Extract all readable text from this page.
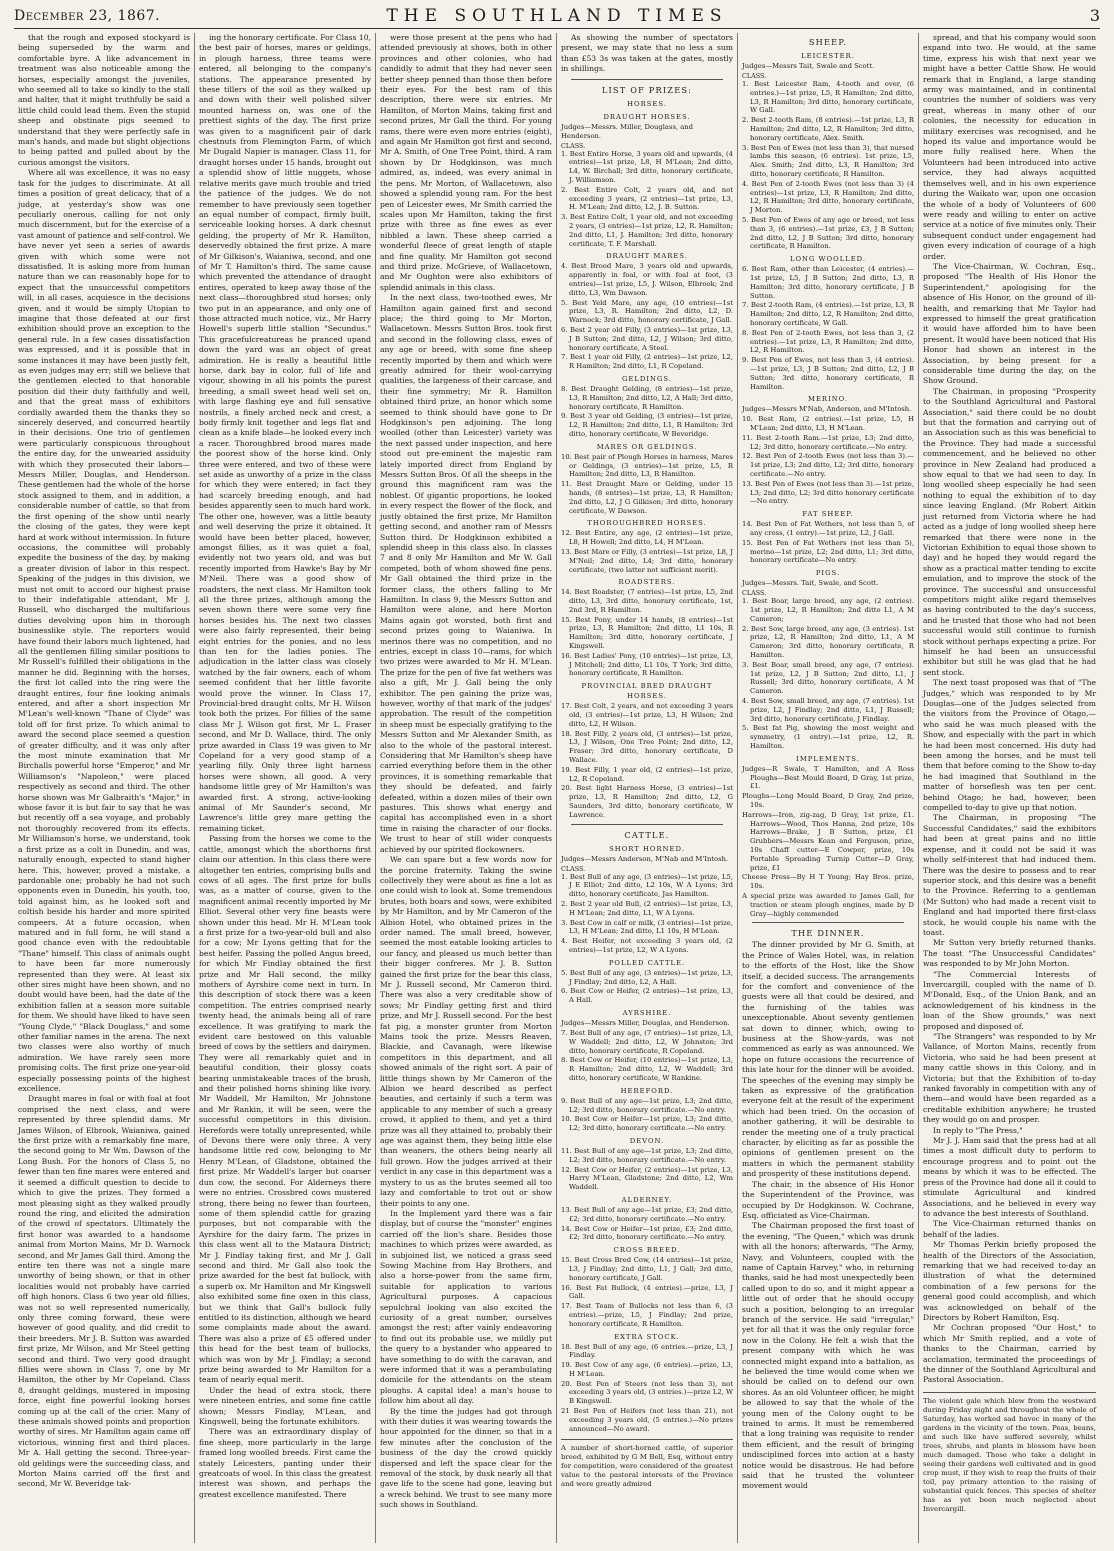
December 23, 1867.	THE SOUTHLAND TIMES	3

that the rough and exposed stockyard is being superseded by the warm and comfortable byre. A like advancement in treatment was also noticeable among the horses, especially amongst the juveniles, who seemed all to take so kindly to the stall and halter, that it might truthfully be said a little child could lead them. Even the stupid sheep and obstinate pigs seemed to understand that they were perfectly safe in man's hands, and made but slight objections to being patted and pulled about by the curious amongst the visitors.

Where all was excellence, it was no easy task for the judges to discriminate. At all times a position of great delicacy, that of a judge, at yesterday's show was one peculiarly onerous, calling for not only much discernment, but for the exercise of a vast amount of patience and self-control. We have never yet seen a series of awards given with which some were not dissatisfied. It is asking more from human nature than we can reasonably hope for to expect that the unsuccessful competitors will, in all cases, acquiesce in the decisions given, and it would be simply Utopian to imagine that those defeated at our first exhibition should prove an exception to the general rule. In a few cases dissatisfaction was expressed, and it is possible that in some instances it may have been justly felt, as even judges may err; still we believe that the gentlemen elected to that honorable position did their duty faithfully and well, and that the great mass of exhibitors cordially awarded them the thanks they so sincerely deserved, and concurred heartily in their decisions. One trio of gentlemen were particularly conspicuous throughout the entire day, for the unwearied assiduity with which they prosecuted their labors—Messrs Miller, Douglas, and Henderson. These gentlemen had the whole of the horse stock assigned to them, and in addition, a considerable number of cattle, so that from the first opening of the show until nearly the closing of the gates, they were kept hard at work without intermission. In future occasions, the committee will probably expedite the business of the day, by making a greater division of labor in this respect. Speaking of the judges in this division, we must not omit to accord our highest praise to their indefatigable attendant, Mr J. Russell, who discharged the multifarious duties devolving upon him in thorough businesslike style. The reporters would have found their labors much lightened, had all the gentlemen filling similar positions to Mr Russell's fulfilled their obligations in the manner he did. Beginning with the horses, the first lot called into the ring were the draught entires, four fine looking animals entered, and after a short inspection Mr M'Lean's well-known "Thane of Clyde" was told off for first prize. To which animal to award the second place seemed a question of greater difficulty, and it was only after the most minute examination that Mr Birchalls powerful horse "Emperor," and Mr Williamson's "Napoleon," were placed respectively as second and third. The other horse shown was Mr Galbraith's "Major," in whose favor it is but fair to say that he was but recently off a sea voyage, and probably not thoroughly recovered from its effects. Mr Williamson's horse, we understand, took a first prize as a colt in Dunedin, and was, naturally enough, expected to stand higher here. This, however, proved a mistake, a pardonable one; probably he had not such opponents even in Dunedin, his youth, too, told against him, as he looked soft and coltish beside his harder and more spirited compeers. At a future occasion, when matured and in full form, he will stand a good chance even with the redoubtable "Thane" himself. This class of animals ought to have been far more numerously represented than they were. At least six other sires might have been shown, and no doubt would have been, had the date of the exhibition fallen at a season more suitable for them. We should have liked to have seen "Young Clyde," "Black Douglass," and some other familiar names in the arena. The next two classes were also worthy of much admiration. We have rarely seen more promising colts. The first prize one-year-old especially possessing points of the highest excellence.

Draught mares in foal or with foal at foot comprised the next class, and were represented by three splendid dams. Mr James Wilson, of Elbrook, Waianiwa, gained the first prize with a remarkably fine mare, the second going to Mr Wm. Dawson of the Long Bush. For the honors of Class 5, no fewer than ten fine mares were entered and it seemed a difficult question to decide to which to give the prizes. They formed a most pleasing sight as they walked proudly round the ring, and elicited the admiration of the crowd of spectators. Ultimately the first honor was awarded to a handsome animal from Morton Mains, Mr D. Warnock second, and Mr James Gall third. Among the entire ten there was not a single mare unworthy of being shown, or that in other localities would not probably have carried off high honors. Class 6 two year old fillies, was not so well represented numerically, only three coming forward, these were however of good quality, and did credit to their breeders. Mr J. B. Sutton was awarded first prize, Mr Wilson, and Mr Steel getting second and third. Two very good draught fillies were shown in Class 7, one by Mr Hamilton, the other by Mr Copeland. Class 8, draught geldings, mustered in imposing force, eight fine powerful looking horses coming up at the call of the crier. Many of these animals showed points and proportion worthy of sires. Mr Hamilton again came off victorious, winning first and third places. Mr A. Hall getting the second. Three-year-old geldings were the succeeding class, and Morton Mains carried off the first and second, Mr W. Beveridge tak-

ing the honorary certificate. For Class 10, the best pair of horses, mares or geldings, in plough harness, three teams were entered, all belonging to the company's stations. The appearance presented by these tillers of the soil as they walked up and down with their well polished silver mounted harness on, was one of the prettiest sights of the day. The first prize was given to a magnificent pair of dark chestnuts from Flemington Farm, of which Mr Dugald Napier is manager. Class 11, for draught horses under 15 hands, brought out a splendid show of little nuggets, whose relative merits gave much trouble and tried the patience of the judges. We do not remember to have previously seen together an equal number of compact, firmly built, serviceable looking horses. A dark chesnut gelding, the property of Mr R. Hamilton, deservedly obtained the first prize. A mare of Mr Gilkison's, Waianiwa, second, and one of Mr T. Hamilton's third. The same cause which prevented the attendance of draught entires, operated to keep away those of the next class—thoroughbred stud horses; only two put in an appearance, and only one of those attracted much notice, viz., Mr Harry Howell's superb little stallion "Secundus." This gracefulcreatureas he pranced upand down the yard was an object of great admiration. He is really a beautiful little horse, dark bay in color, full of life and vigour, showing in all his points the purest breeding, a small sweet head well set on, with large flashing eye and full sensative nostrils, a finely arched neck and crest, a body firmly knit together and legs flat and clean as a knife blade—he looked every inch a racer. Thoroughbred brood mares made the poorest show of the horse kind. Only three were entered, and two of these were set aside as unworthy of a prize in the class for which they were entered; in fact they had scarcely breeding enough, and had besides apparently seen to much hard work. The other one, however, was a little beauty and well deserving the prize it obtained. It would have been better placed, however, amongst fillies, as it was quiet a foal, evidently not two years old, and was but recently imported from Hawke's Bay by Mr M'Neil. There was a good show of roadsters, the next class. Mr Hamilton took all the three prizes, although among the seven shown there were some very fine horses besides his. The next two classes were also fairly represented, their being eight entries for the ponies, and no less than ten for the ladies ponies. The adjudication in the latter class was closely watched by the fair owners, each of whom seemed confident that her little favorite would prove the winner. In Class 17, Provincial-bred draught colts, Mr H. Wilson took both the prizes. For fillies of the same class Mr J. Wilson got first, Mr L. Fraser second, and Mr D. Wallace, third. The only prize awarded in Class 19 was given to Mr Copeland for a very good stamp of a yearling filly. Only three light harness horses were shown, all good. A very handsome little grey of Mr Hamilton's was awarded first. A strong, active-looking animal of Mr Saunder's second, Mr Lawrence's little grey mare getting the remaining ticket.

Passing from the horses we come to the cattle, amongst which the shorthorns first claim our attention. In this class there were altogether ten entries, comprising bulls and cows of all ages. The first prize for bulls was, as a matter of course, given to the magnificent animal recently imported by Mr Elliot. Several other very fine beasts were shown under this head. Mr H. M'Lean took a first prize for a two-year-old bull and also for a cow; Mr Lyons getting that for the best heifer. Passing the polled Angus breed, for which Mr Findlay obtained the first prize and Mr Hall second, the milky mothers of Ayrshire come next in turn. In this description of stock there was a keen competition. The entries comprised nearly twenty head, the animals being all of rare excellence. It was gratifying to mark the evident care bestowed on this valuable breed of cows by the settlers and dairymen. They were all remarkably quiet and in beautiful condition, their glossy coats bearing unmistakeable traces of the brush, and their polished horns shining like ivory. Mr Waddell, Mr Hamilton, Mr Johnstone and Mr Rankin, it will be seen, were the successful competitors in this division. Herefords were totally unrepresented, while of Devons there were only three. A very handsome little red cow, belonging to Mr Henry M'Lean, of Gladstone, obtained the first prize. Mr Waddell's larger but coarser dun cow, the second. For Alderneys there were no entries. Crossbred cows mustered strong, there being no fewer than fourteen, some of them splendid cattle for grazing purposes, but not comparable with the Ayrshire for the dairy farm. The prizes in this class went all to the Mataura District; Mr J. Findlay taking first, and Mr J. Gall second and third. Mr Gall also took the prize awarded for the best fat bullock, with a superb ox. Mr Hamilton and Mr Kingswell also exhibited some fine oxen in this class, but we think that Gall's bullock fully entitled to its distinction, although we heard some complaints made about the award. There was also a prize of £5 offered under this head for the best team of bullocks, which was won by Mr J. Findlay; a second prize being awarded to Mr Hamilton for a team of nearly equal merit.

Under the head of extra stock, there were nineteen entries, and some fine cattle shown; Messrs Findlay, M'Lean, and Kingswell, being the fortunate exhibitors.

There was an extraordinary display of fine sheep, more particularly in the large framed long woolled breeds. First came the stately Leicesters, panting under their greatcoats of wool. In this class the greatest interest was shown, and perhaps the greatest excellence manifested. There

were those present at the pens who had attended previously at shows, both in other provinces and other colonies, who had candidly to admit that they had never seen better sheep penned than those then before their eyes. For the best ram of this description, there were six entries. Mr Hamilton, of Morton Mains, taking first and second prizes, Mr Gall the third. For young rams, there were even more entries (eight), and again Mr Hamilton got first and second, Mr A. Smith, of One Tree Point, third. A ram shown by Dr Hodgkinson, was much admired, as, indeed, was every animal in the pens. Mr Morton, of Wallacetown, also showed a splendid young ram. For the best pen of Leicester ewes, Mr Smith carried the scales upon Mr Hamilton, taking the first prize with three as fine ewes as ever nibbled a lawn. These sheep carried a wonderful fleece of great length of staple and fine quality. Mr Hamilton got second and third prize. McGrieve, of Wallacetown, and Mr Oughton were also exhibitors of splendid animals in this class.

In the next class, two-toothed ewes, Mr Hamilton again gained first and second place; the third going to Mr Morton, Wallacetown. Messrs Sutton Bros. took first and second in the following class, ewes of any age or breed, with some fine sheep recently imported by them and which were greatly admired for their wool-carrying qualities, the largeness of their carcase, and their fine symmetry; Mr R. Hamilton obtained third prize, an honor which some seemed to think should have gone to Dr Hodgkinson's pen adjoining. The long woolled (other than Leicester) variety was the next passed under inspection, and here stood out pre-eminent the majestic ram lately imported direct from England by Messrs Sutton Bros. Of all the sheeps in the ground this magnificent ram was the noblest. Of gigantic proportions, he looked in every respect the flower of the flock, and justly obtained the first prize, Mr Hamilton getting second, and another ram of Messrs Sutton third. Dr Hodgkinson exhibited a splendid sheep in this class also. In classes 7 and 8 only Mr Hamilton and Mr W. Gall competed, both of whom showed fine pens. Mr Gall obtained the third prize in the former class, the others falling to Mr Hamilton. In class 9, the Messrs Sutton and Hamilton were alone, and here Morton Mains again got worsted, both first and second prizes going to Waianiwa. In merinos there was no competition, and no entries, except in class 10—rams, for which two prizes were awarded to Mr H. M'Lean. The prize for the pen of five fat wethers was also a gift, Mr J. Gall being the only exhibitor. The pen gaining the prize was, however, worthy of that mark of the judges' approbation. The result of the competition in sheep must be especially gratifying to the Messrs Sutton and Mr Alexander Smith, as also to the whole of the pastoral interest. Considering that Mr Hamilton's sheep have carried everything before them in the other provinces, it is something remarkable that they should be defeated, and fairly defeated, within a dozen miles of their own pastures. This shows what energy and capital has accomplished even in a short time in raising the character of our flocks. We trust to hear of still wider conquests achieved by our spirited flockowners.

We can spare but a few words now for the porcine fraternity. Taking the swine collectively they were about as fine a lot as one could wish to look at. Some tremendous brutes, both boars and sows, were exhibited by Mr Hamilton, and by Mr Cameron of the Albion Hotel, who obtained prizes in the order named. The small breed, however, seemed the most eatable looking articles to our fancy, and pleased us much better than their bigger confreres. Mr J. B. Sutton gained the first prize for the bear this class, Mr J. Russell second, Mr Cameron third. There was also a very creditable show of sows; Mr Findlay getting first and third prize, and Mr J. Russell second. For the best fat pig, a monster grunter from Morton Mains took the prize. Messrs Reaven, Blackie, and Cavanagh, were likewise competitors in this department, and all showed animals of the right sort. A pair of little things shown by Mr Cameron of the Albion we heard described as perfect beauties, and certainly if such a term was applicable to any member of such a greasy crowd, it applied to them, and yet a third prize was all they attained to, probably their age was against them, they being little else than weaners, the others being nearly all full grown. How the judges arrived at their verdict in any case in this department was a mystery to us as the brutes seemed all too lazy and comfortable to trot out or show their points to any one.

In the Implement yard there was a fair display, but of course the "monster" engines carried off the lion's share. Besides those machines to which prizes were awarded, as in subjoined list, we noticed a grass seed Sowing Machine from Hay Brothers, and also a horse-power from the same firm, suitable for application to various Agricultural purposes. A capacious sepulchral looking van also excited the curiosity of a great number, ourselves amongst the rest; after vainly endeavoring to find out its probable use, we mildly put the query to a bystander who appeared to have something to do with the caravan, and were informed that it was a perambulating domicile for the attendants on the steam ploughs. A capital idea! a man's house to follow him about all day.

By the time the judges had got through with their duties it was wearing towards the hour appointed for the dinner, so that in a few minutes after the conclusion of the business of the day the crowd quickly dispersed and left the space clear for the removal of the stock, by dusk nearly all that gave life to the scene had gone, leaving but a wreck behind. We trust to see many more such shows in Southland.

As showing the number of spectators present, we may state that no less a sum than £53 3s was taken at the gates, mostly in shillings.

LIST OF PRIZES:
HORSES.
DRAUGHT HORSES.

Judges—Messrs. Miller, Douglass, and Henderson.

CLASS.

1. Best Entire Horse, 3 years old and upwards, (4 entries)—1st prize, L8, H M'Lean; 2nd ditto, L4, W. Birchall; 3rd ditto, honorary certificate, J. Williamson.

2. Best Entire Colt, 2 years old, and not exceeding 3 years, (2 entries)—1st prize, L3, H. M'Lean; 2nd ditto, L2, J. B. Sutton.

3. Best Entire Colt, 1 year old, and not exceeding 2 years, (3 entries)—1st prize, L2, R. Hamilton; 2nd ditto, L1, J. Hamilton; 3rd ditto, honorary certificate, T. F. Marshall.

DRAUGHT MARES.

4. Best Brood Mare, 3 years old and upwards, apparently in foal, or with foal at foot, (3 entries)—1st prize, L5, J. Wilson, Elbrook; 2nd ditto, L3, Wm Dawson.

5. Best Yeld Mare, any age, (10 entries)—1st prize, L3, R. Hamilton; 2nd ditto, L2, D. Warnock; 3rd ditto, honorary certificate, J Gall.

6. Best 2 year old Filly, (3 entries)—1st prize, L3, J B Sutton; 2nd ditto, L2, J Wilson; 3rd ditto, honorary certificate, A Steel.

7. Best 1 year old Filly, (2 entries)—1st prize, L2, R Hamilton; 2nd ditto, L1, R Copeland.

GELDINGS.

8. Best Draught Gelding, (8 entries)—1st prize, L3, R Hamilton; 2nd ditto, L2, A Hall; 3rd ditto, honorary certificate, R Hamilton.

9. Best 3 year old Gelding, (3 entries)—1st prize, L2, R Hamilton; 2nd ditto, L1, R Hamilton; 3rd ditto, honorary certificate, W Beveridge.

MARES OR GELDINGS.

10. Best pair of Plough Horses in harness, Mares or Geldings, (3 entries)—1st prize, L5, R Hamilton; 2nd ditto, L3, R Hamilton.

11. Best Draught Mare or Gelding, under 15 hands, (8 entries)—1st prize, L3, R Hamilton; 2nd ditto, L2, J G Gilkison; 3rd ditto, honorary certificate, W Dawson.

THOROUGHBRED HORSES.

12. Best Entire, any age, (2 entries)—1st prize, L8, H Howell; 2nd ditto, L4, H M'Lean.

13. Best Mare or Filly, (3 entries)—1st prize, L8, J M'Neil; 2nd ditto, L4; 3rd ditto, honorary certificate, (two latter not sufficient merit).

ROADSTERS.

14. Best Roadster, (7 entries)—1st prize, L5, 2nd ditto, L3, 3rd ditto, honorary certificate, 1st, 2nd 3rd, R Hamilton.

15. Best Pony, under 14 hands, (8 entries)—1st prize, L3, R Hamilton; 2nd ditto, L1 10s, R Hamilton; 3rd ditto, honorary certificate, J Kingswell.

16. Best Ladies' Pony, (10 entries)—1st prize, L3, J Mitchell; 2nd ditto, L1 10s, T York; 3rd ditto, honorary certificate, R Hamilton.

PROVINCIAL BRED DRAUGHT HORSES.

17. Best Colt, 2 years, and not exceeding 3 years old, (3 entries)—1st prize, L3, H Wilson; 2nd ditto, L2, H Wilson.

18. Best Filly, 2 years old, (3 entries)—1st prize, L3, J Wilson, One Tree Point; 2nd ditto, L2, Fraser; 3rd ditto, honorary certificate, D Wallace.

19. Best Filly, 1 year old, (2 entries)—1st prize, L2, R Copeland.

20. Best light Harness Horse, (3 entries)—1st prize, L3, R Hamilton; 2nd ditto, L2, G Saunders, 3rd ditto, honorary certificate, W Lawrence.

CATTLE.
SHORT HORNED.

Judges—Messrs Anderson, M'Nab and M'Intosh.

CLASS.

1. Best Bull of any age, (3 entries)—1st prize, L5, J E Elliot; 2nd ditto, L2 10s, W A Lyons; 3rd ditto, honorary certificate, Jas Hamilton.

2. Best 2 year old Bull, (2 entries)—1st prize, L3, H M'Lean; 2nd ditto, L1, W A Lyons.

3. Best Cow in calf or milk, (3 entries)—1st prize, L3, H M'Lean; 2nd ditto, L1 10s, H M'Lean.

4. Best Heifer, not exceeding 3 years old, (2 entries)—1st prize, L2, W A Lyons.

POLLED CATTLE.

5. Best Bull of any age, (3 entries)—1st prize, L3, J Findlay; 2nd ditto, L2, A Hall.

6. Best Cow or Heifer, (2 entries)—1st prize, L3, A Hall.

AYRSHIRE.

Judges—Messrs Miller, Douglas, and Henderson.

7. Best Bull of any age, (7 entries)—1st prize, L3, W Waddell; 2nd ditto, L2, W Johnston; 3rd ditto, honorary certificate, R Copeland.

8. Best Cow or Heifer, (10 entries)—1st prize, L3, R Hamilton; 2nd ditto, L2, W Waddell; 3rd ditto, honorary certificate, W Rankine.

HEREFORD.

9. Best Bull of any age—1st prize, L3; 2nd ditto, L2; 3rd ditto, honorary certificate.—No entry.

10. Best Cow or Heifer—1st prize, L3; 2nd ditto, L2; 3rd ditto, honorary certificate.—No entry.

DEVON.

11. Best Bull of any age—1st prize, L3; 2nd ditto, L2; 3rd ditto, honorary certificate.—No entry.

12. Best Cow or Heifer, (2 entries)—1st prize, L3, Harry M'Lean, Gladstone; 2nd ditto, L2, Wm Waddell.

ALDERNEY.

13. Best Bull of any age—1st prize, £3; 2nd ditto, £2; 3rd ditto, honorary certificate.—No entry.

14. Best Cow or Heifer—1st prize, £3; 2nd ditto, £2; 3rd ditto, honorary certificate.—No entry.

CROSS BREED.

15. Best Cross Bred Cow, (14 entries)—1st prize, L3, J Findlay; 2nd ditto, L1, J Gall; 3rd ditto, honorary certificate, J Gall.

16. Best Fat Bullock, (4 entries).—prize, L3, J Gall.

17. Best Team of Bullocks not less than 6, (3 entries).—prize, L5, J Findlay; 2nd prize, honorary certificate, R Hamilton.

EXTRA STOCK.

18. Best Bull of any age, (6 entries.—prize, L3, J Findlay.

19. Best Cow of any age, (6 entries).—prize, L3, H M'Lean.

20. Best Pen of Steers (not less than 3), not exceeding 3 years old, (3 entries.)—prize L2, W B Kingswell.

21 Best Pen of Heifers (not less than 21), not exceeding 3 years old, (5 entries.)—No prizes announced—No award.

A number of short-horned cattle, of superior breed, exhibited by G M Bell, Esq, without entry for competition, were considered of the greatest value to the pastoral interests of the Province and were greatly admired

SHEEP.
LEICESTER.

Judges—Messrs Tait, Swale and Scott.

CLASS.

1. Best Leicester Ram, 4-tooth and over, (6 entries.)—1st prize, L5, R Hamilton; 2nd ditto, L3, R Hamilton; 3rd ditto, honorary certificate, W Gall.

2. Best 2-tooth Ram, (8 entries).—1st prize, L3, R Hamilton; 2nd ditto, L2, R Hamilton; 3rd ditto, honorary certificate, Alex. Smith.

3. Best Pen of Ewes (not less than 3), that nursed lambs this season, (6 entries). 1st prize, L5, Alex. Smith; 2nd ditto, L3, R Hamilton; 3rd ditto, honorary certificate, R Hamilton.

4. Best Pen of 2-tooth Ewes (not less than 3) (4 entries)—1st prize, L3, R Hamilton; 2nd ditto, L2, R Hamilton; 3rd ditto, honorary certificate, J Morton.

5. Best Pen of Ewes of any age or breed, not less than 3, (6 entries).—1st prize, £3, J B Sutton; 2nd ditto, L2, J B Sutton; 3rd ditto, honorary certificate, R Hamilton.

LONG WOOLLED.

6. Best Ram, other than Leicester, (4 entries).—1st prize, L5, J B Sutton; 2nd ditto, L3, R Hamilton; 3rd ditto, honorary certificate, J B Sutton.

7. Best 2-tooth Ram, (4 entries).—1st prize, L3, R Hamilton; 2nd ditto, L2, R Hamilton; 2nd ditto, honorary certificate, W Gall.

8. Best Pen of 2-tooth Ewes, not less than 3, (2 entries).—1st prize, L3, R Hamilton; 2nd ditto, L2, R Hamilton.

9. Best Pen of Ewes, not less than 3, (4 entries).—1st prize, L3, J B Sutton; 2nd ditto, L2, J B Sutton; 3rd ditto, honorary certificate, R Hamilton.

MERINO.

Judges—Messrs M'Nab, Anderson, and M'Intosh.

10. Best Ram, (2 entries).—1st prize, L5, H M'Lean; 2nd ditto, L3, H M'Lean.

11. Best 2-tooth Ram.—1st prize, L3; 2nd ditto, L2; 3rd ditto, honorary certificate.—No entry.

12. Best Pen of 2-tooth Ewes (not less than 3).—1st prize, L3; 2nd ditto, L2; 3rd ditto, honorary certificate.—No entry.

13. Best Pen of Ewes (not less than 3).—1st prize, L3; 2nd ditto, L2; 3rd ditto honorary certificate—No entry.

FAT SHEEP.

14. Best Pen of Fat Wethers, not less than 5, of any cross, (1 entry).—1st prize, L2, J Gall.

15. Best Pen of Fat Wethers (not less than 5), merino—1st prize, L2; 2nd ditto, L1; 3rd ditto, honorary certificate—No entry.

PIGS.

Judges—Messrs. Tait, Swale, and Scott.

CLASS.

1. Best Boar, large breed, any age, (2 entries). 1st prize, L2, R Hamilton; 2nd ditto L1, A M Cameron;

2. Best Sow, large breed, any age, (3 entries). 1st prize, L2, R Hamilton; 2nd ditto, L1, A M Cameron; 3rd ditto, honorary certificate, R Hamilton.

3. Best Boar, small breed, any age, (7 entries). 1st prize, L2, J B Sutton; 2nd ditto, L1, J Russell; 3rd ditto, honorary certificate, A M Cameron.

4. Best Sow, small breed, any age, (7 entries). 1st prize, L2, J Findlay; 2nd ditto, L1, J Russell; 3rd ditto, honorary certificate, J Findlay.

5. Best fat Pig, showing the most weight and symmetry, (1 entry).—1st prize, L2, R. Hamilton.

IMPLEMENTS.

Judges—R Swale, T Hamilton, and A Ross Ploughs—Best Mould Board, D Gray, 1st prize, £1.

Ploughs—Long Mould Board, D Gray, 2nd prize, 10s.

Harrows—Iron, zig-zag, D Gray, 1st prize, £1. Harrows—Wood, Thos Hanna, 2nd prize, 10s Harrows—Brake, J B Sutton, prize, £1 Grubbers—Messrs Kean and Ferguson, prize, 10s Chaff cutter—E Cowper, prize, 10s Portable Spreading Turnip Cutter—D Gray, prize, £1

Cheese Press—By H T Young; Hay Bros. prize, 10s.

A special prize was awarded to James Gall, for traction or steam plough engines, made by D Gray—highly commended

THE DINNER.

The dinner provided by Mr G. Smith, at the Prince of Wales Hotel, was, in relation to the efforts of the Host, like the Show itself, a decided success. The arrangements for the comfort and convenience of the guests were all that could be desired, and the furnishing of the tables was unexceptionable. About seventy gentlemen sat down to dinner, which, owing to business at the Show-yards, was not commenced as early as was announced. We hope on future occasions the recurrence of this late hour for the dinner will be avoided. The speeches of the evening may simply be taken as expressive of the gratification everyone felt at the result of the experiment which had been tried. On the occasion of another gathering, it will be desirable to render the meeting one of a truly practical character, by eliciting as far as possible the opinions of gentlemen present on the matters in which the permanent stability and prosperity of these institutions depend.

The chair, in the absence of His Honor the Superintendent of the Province, was occupied by Dr Hodgkinson. W. Cochrane, Esq. officiated as Vice-Chairman.

The Chairman proposed the first toast of the evening, "The Queen," which was drunk with all the honors; afterwards, "The Army, Navy, and Volunteers, coupled with the name of Captain Harvey," who, in returning thanks, said he had most unexpectedly been called upon to do so, and it might appear a little out of order that he should occupy such a position, belonging to an irregular branch of the service. He said "irregular," yet for all that it was the only regular force now in the Colony. He felt a wish that the present company with which he was connected might expand into a battalion, as he believed the time would come when we should be called on to defend our own shores. As an old Volunteer officer, he might be allowed to say that the whole of the young men of the Colony ought to be trained to arms. It must be remembered that a long training was requisite to render them efficient, and the result of bringing undisciplined forces into action at a hasty notice would be disastrous. He had before said that he trusted the volunteer movement would

spread, and that his company would soon expand into two. He would, at the same time, express his wish that next year we might have a better Cattle Show. He would remark that in England, a large standing army was maintained, and in continental countries the number of soldiers was very great, whereas in many other of our colonies, the necessity for education in military exercises was recognised, and he hoped its value and importance would be more fully realised here. When the Volunteers had been introduced into active service, they had always acquitted themselves well, and in his own experience during the Waikato war, upon one occasion the whole of a body of Volunteers of 600 were ready and willing to enter on active service at a notice of five minutes only. Their subsequent conduct under engagement had given every indication of courage of a high order.

The Vice-Chairman, W. Cochran, Esq., proposed "The Health of His Honor the Superintendent," apologising for the absence of His Honor, on the ground of ill-health, and remarking that Mr Taylor had expressed to himself the great gratification it would have afforded him to have been present. It would have been noticed that His Honor had shown an interest in the Association, by being present for a considerable time during the day, on the Show Ground.

The Chairman, in proposing "Prosperity to the Southland Agricultural and Pastoral Association," said there could be no doubt but that the formation and carrying out of an Association such as this was beneficial to the Province. They had made a successful commencement, and he believed no other province in New Zealand had produced a show equal to that we had seen to day. In long woolled sheep especially he had seen nothing to equal the exhibition of to day since leaving England. (Mr Robert Aitkin just returned from Victoria where he had acted as a judge of long woolled sheep here remarked that there were none in the Victorian Exhibition to equal those shown to day) and he hoped they would regard the show as a practical matter tending to excite emulation, and to improve the stock of the province. The successful and unsuccessful competitors might alike regard themselves as having contributed to the day's success, and he trusted that those who had not been successful would still continue to furnish stock without perhaps expecting a prize. For himself he had been an unsuccessful exhibitor but still he was glad that he had sent stock.

The next toast proposed was that of "The Judges," which was responded to by Mr Douglas—one of the Judges selected from the visitors from the Province of Otago,—who said he was much pleased with the Show, and especially with the part in which he had been most concerned. His duty had been among the horses, and he must tell them that before coming to the Show to-day he had imagined that Southland in the matter of horseflesh was ten per cent. behind Otago; he had, however, been compelled to-day to give up that notion.

The Chairman, in proposing "The Successful Candidates," said the exhibitors had been at great pains and no little expense, and it could not be said it was wholly self-interest that had induced them. There was the desire to possess and to rear superior stock, and this desire was a benefit to the Province. Referring to a gentleman (Mr Sutton) who had made a recent visit to England and had imported there first-class stock, he would couple his name with the toast.

Mr Sutton very briefly returned thanks. The toast "The Unsuccessful Candidates" was responded to by Mr John Morton.

"The Commercial Interests of Invercargill, coupled with the name of D. M'Donald, Esq., of the Union Bank, and an acknowledgement of his kindness in the loan of the Show grounds," was next proposed and disposed of.

"The Strangers" was responded to by Mr Vallance, of Morton Mains, recently from Victoria, who said he had been present at many cattle shows in this Colony, and in Victoria; but that the Exhibition of to-day ranked favorably in competition with any of them—and would have been regarded as a creditable exhibition anywhere; he trusted they would go on and prosper.

In reply to "The Press,"

Mr J. J. Ham said that the press had at all times a most difficult duty to perform to encourage progress and to point out the means by which it was to be effected. The press of the Province had done all it could to stimulate Agricultural and kindred Associations, and he believed in every way to advance the best interests of Southland.

The Vice-Chairman returned thanks on behalf of the ladies.

Mr Thomas Perkin briefly proposed the health of the Directors of the Association, remarking that we had received to-day an illustration of what the determined combination of a few persons for the general good could accomplish, and which was acknowledged on behalf of the Directors by Robert Hamilton, Esq.

Mr Cochran proposed "Our Host," to which Mr Smith replied, and a vote of thanks to the Chairman, carried by acclamation, terminated the proceedings of the dinner of the Southland Agricultural and Pastoral Association.

The violent gale which blew from the westward during Friday night and throughout the whole of Saturday, has worked sad havoc in many of the gardens in the vicinity of the town. Peas, beans, and such like have suffered severely, whilst trees, shrubs, and plants in blossom have been much damaged. Those who take a delight in seeing their gardens well cultivated and in good crop must, if they wish to reap the fruits of their toil, pay primary attention to the raising of substantial quick fences. This species of shelter has as yet been much neglected about Invercargill.
